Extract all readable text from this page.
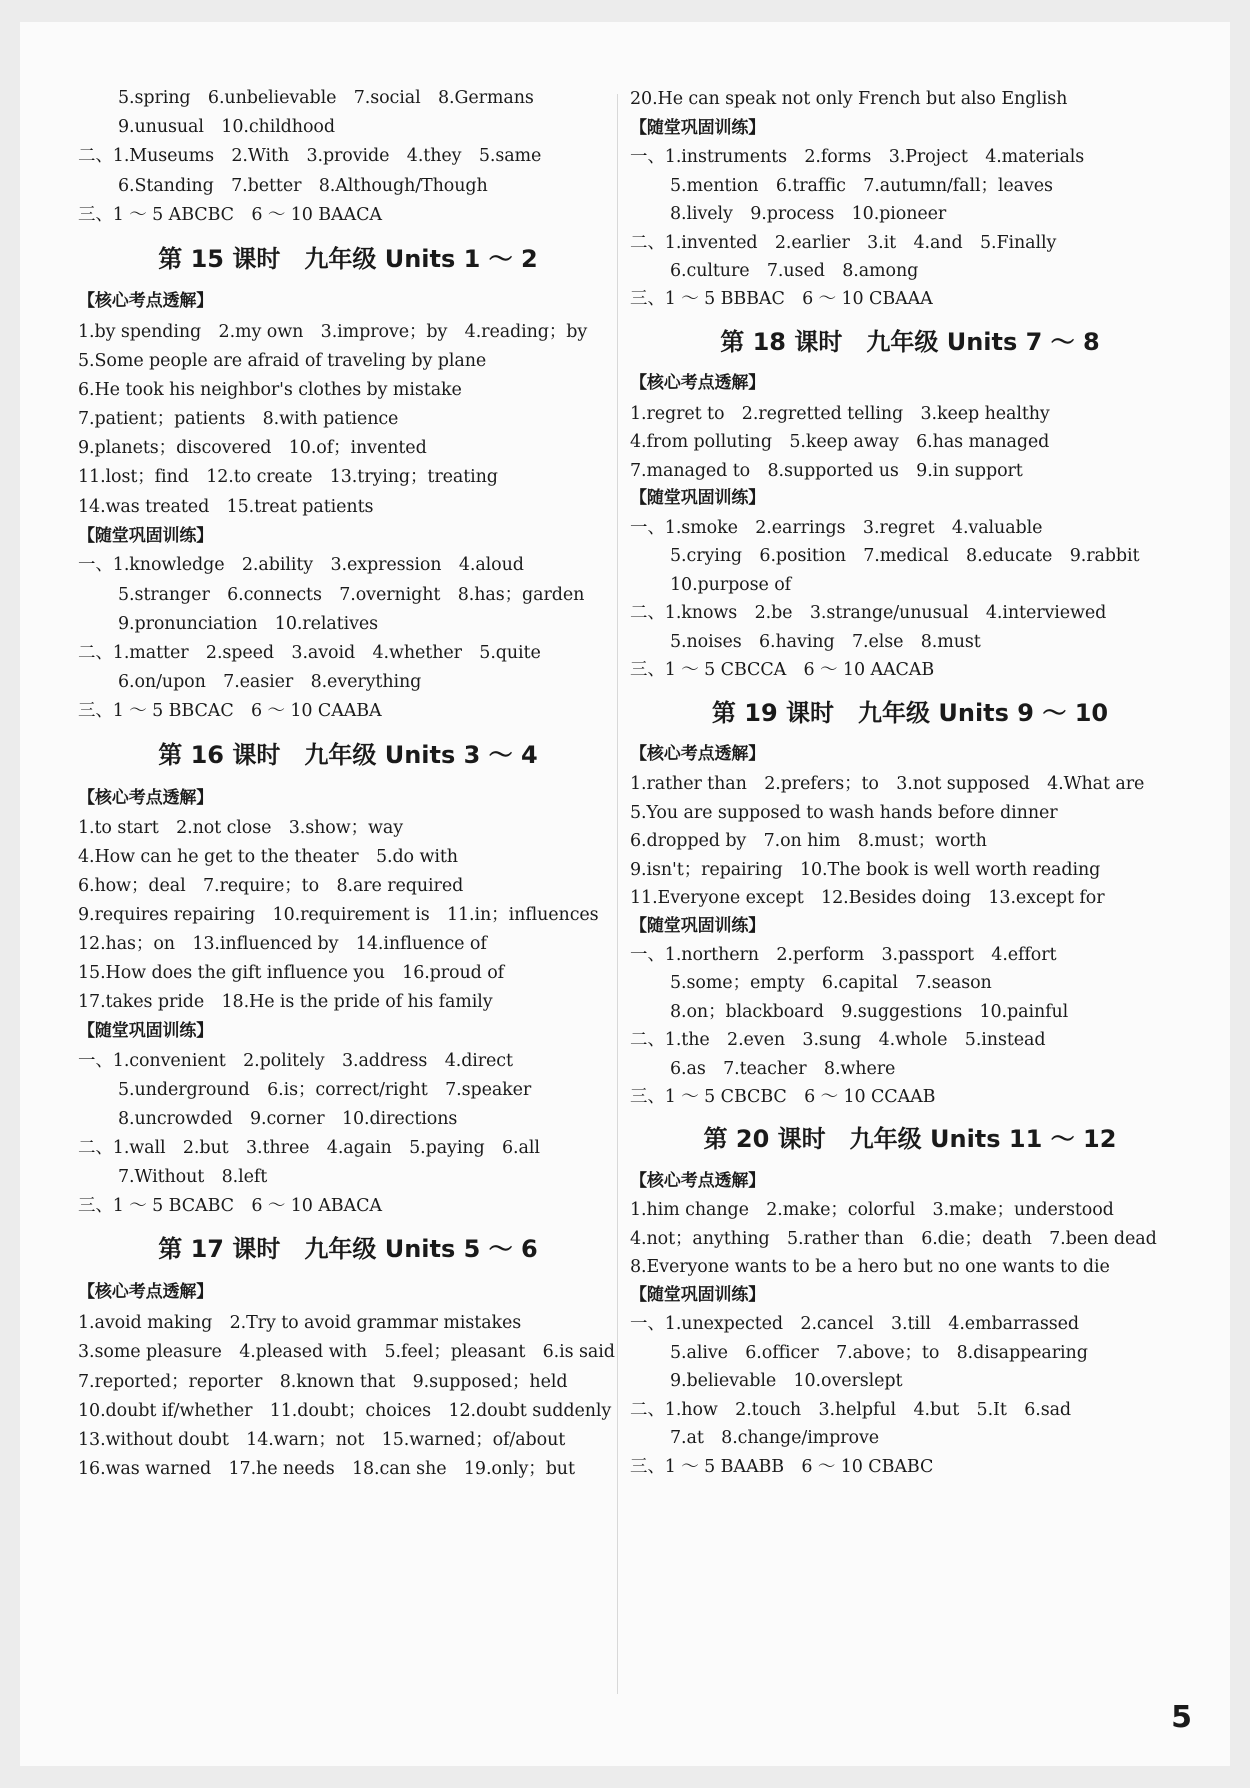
5.spring　6.unbelievable　7.social　8.Germans
9.unusual　10.childhood
二、1.Museums　2.With　3.provide　4.they　5.same
6.Standing　7.better　8.Although/Though
三、1 ～ 5 ABCBC　6 ～ 10 BAACA
第 15 课时　九年级 Units 1 ～ 2
【核心考点透解】
1.by spending　2.my own　3.improve；by　4.reading；by
5.Some people are afraid of traveling by plane
6.He took his neighbor's clothes by mistake
7.patient；patients　8.with patience
9.planets；discovered　10.of；invented
11.lost；find　12.to create　13.trying；treating
14.was treated　15.treat patients
【随堂巩固训练】
一、1.knowledge　2.ability　3.expression　4.aloud
5.stranger　6.connects　7.overnight　8.has；garden
9.pronunciation　10.relatives
二、1.matter　2.speed　3.avoid　4.whether　5.quite
6.on/upon　7.easier　8.everything
三、1 ～ 5 BBCAC　6 ～ 10 CAABA
第 16 课时　九年级 Units 3 ～ 4
【核心考点透解】
1.to start　2.not close　3.show；way
4.How can he get to the theater　5.do with
6.how；deal　7.require；to　8.are required
9.requires repairing　10.requirement is　11.in；influences
12.has；on　13.influenced by　14.influence of
15.How does the gift influence you　16.proud of
17.takes pride　18.He is the pride of his family
【随堂巩固训练】
一、1.convenient　2.politely　3.address　4.direct
5.underground　6.is；correct/right　7.speaker
8.uncrowded　9.corner　10.directions
二、1.wall　2.but　3.three　4.again　5.paying　6.all
7.Without　8.left
三、1 ～ 5 BCABC　6 ～ 10 ABACA
第 17 课时　九年级 Units 5 ～ 6
【核心考点透解】
1.avoid making　2.Try to avoid grammar mistakes
3.some pleasure　4.pleased with　5.feel；pleasant　6.is said
7.reported；reporter　8.known that　9.supposed；held
10.doubt if/whether　11.doubt；choices　12.doubt suddenly
13.without doubt　14.warn；not　15.warned；of/about
16.was warned　17.he needs　18.can she　19.only；but
20.He can speak not only French but also English
【随堂巩固训练】
一、1.instruments　2.forms　3.Project　4.materials
5.mention　6.traffic　7.autumn/fall；leaves
8.lively　9.process　10.pioneer
二、1.invented　2.earlier　3.it　4.and　5.Finally
6.culture　7.used　8.among
三、1 ～ 5 BBBAC　6 ～ 10 CBAAA
第 18 课时　九年级 Units 7 ～ 8
【核心考点透解】
1.regret to　2.regretted telling　3.keep healthy
4.from polluting　5.keep away　6.has managed
7.managed to　8.supported us　9.in support
【随堂巩固训练】
一、1.smoke　2.earrings　3.regret　4.valuable
5.crying　6.position　7.medical　8.educate　9.rabbit
10.purpose of
二、1.knows　2.be　3.strange/unusual　4.interviewed
5.noises　6.having　7.else　8.must
三、1 ～ 5 CBCCA　6 ～ 10 AACAB
第 19 课时　九年级 Units 9 ～ 10
【核心考点透解】
1.rather than　2.prefers；to　3.not supposed　4.What are
5.You are supposed to wash hands before dinner
6.dropped by　7.on him　8.must；worth
9.isn't；repairing　10.The book is well worth reading
11.Everyone except　12.Besides doing　13.except for
【随堂巩固训练】
一、1.northern　2.perform　3.passport　4.effort
5.some；empty　6.capital　7.season
8.on；blackboard　9.suggestions　10.painful
二、1.the　2.even　3.sung　4.whole　5.instead
6.as　7.teacher　8.where
三、1 ～ 5 CBCBC　6 ～ 10 CCAAB
第 20 课时　九年级 Units 11 ～ 12
【核心考点透解】
1.him change　2.make；colorful　3.make；understood
4.not；anything　5.rather than　6.die；death　7.been dead
8.Everyone wants to be a hero but no one wants to die
【随堂巩固训练】
一、1.unexpected　2.cancel　3.till　4.embarrassed
5.alive　6.officer　7.above；to　8.disappearing
9.believable　10.overslept
二、1.how　2.touch　3.helpful　4.but　5.It　6.sad
7.at　8.change/improve
三、1 ～ 5 BAABB　6 ～ 10 CBABC
5
